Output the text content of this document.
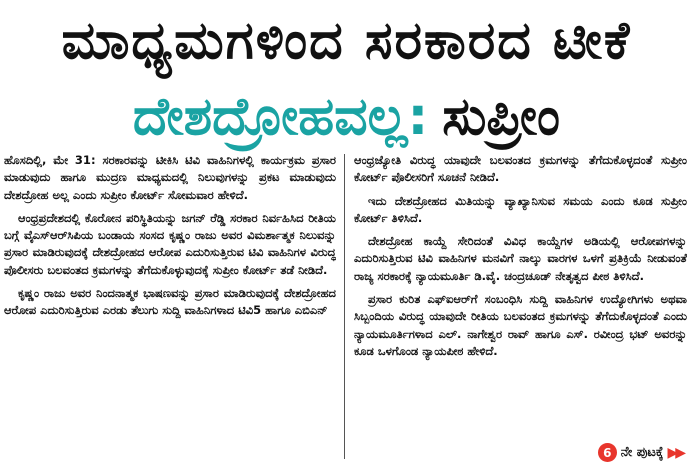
ಮಾಧ್ಯಮಗಳಿಂದ ಸರಕಾರದ ಟೀಕೆ
ದೇಶದ್ರೋಹವಲ್ಲ: ಸುಪ್ರೀಂ

ಹೊಸದಿಲ್ಲಿ, ಮೇ 31: ಸರಕಾರವನ್ನು ಟೀಕಿಸಿ ಟಿವಿ ವಾಹಿನಿಗಳಲ್ಲಿ ಕಾರ್ಯಕ್ರಮ ಪ್ರಸಾರ ಮಾಡುವುದು ಹಾಗೂ ಮುದ್ರಣ ಮಾಧ್ಯಮದಲ್ಲಿ ನಿಲುವುಗಳನ್ನು ಪ್ರಕಟ ಮಾಡುವುದು ದೇಶದ್ರೋಹ ಅಲ್ಲ ಎಂದು ಸುಪ್ರೀಂ ಕೋರ್ಟ್ ಸೋಮವಾರ ಹೇಳಿದೆ.

ಆಂಧ್ರಪ್ರದೇಶದಲ್ಲಿ ಕೊರೋನ ಪರಿಸ್ಥಿತಿಯನ್ನು ಜಗನ್ ರೆಡ್ಡಿ ಸರಕಾರ ನಿರ್ವಹಿಸಿದ ರೀತಿಯ ಬಗ್ಗೆ ವೈಎಸ್‌ಆರ್‌ಸಿಪಿಯ ಬಂಡಾಯ ಸಂಸದ ಕೃಷ್ಣಂ ರಾಜು ಅವರ ವಿಮರ್ಶಾತ್ಮಕ ನಿಲುವನ್ನು ಪ್ರಸಾರ ಮಾಡಿರುವುದಕ್ಕೆ ದೇಶದ್ರೋಹದ ಆರೋಪ ಎದುರಿಸುತ್ತಿರುವ ಟಿವಿ ವಾಹಿನಿಗಳ ವಿರುದ್ಧ ಪೊಲೀಸರು ಬಲವಂತದ ಕ್ರಮಗಳನ್ನು ತೆಗೆದುಕೊಳ್ಳುವುದಕ್ಕೆ ಸುಪ್ರೀಂ ಕೋರ್ಟ್ ತಡೆ ನೀಡಿದೆ.

ಕೃಷ್ಣಂ ರಾಜು ಅವರ ನಿಂದನಾತ್ಮಕ ಭಾಷಣವನ್ನು ಪ್ರಸಾರ ಮಾಡಿರುವುದಕ್ಕೆ ದೇಶದ್ರೋಹದ ಆರೋಪ ಎದುರಿಸುತ್ತಿರುವ ಎರಡು ತೆಲುಗು ಸುದ್ದಿ ವಾಹಿನಿಗಳಾದ ಟಿವಿ5 ಹಾಗೂ ಎಬಿಎನ್

ಆಂಧ್ರಜ್ಯೋತಿ ವಿರುದ್ಧ ಯಾವುದೇ ಬಲವಂತದ ಕ್ರಮಗಳನ್ನು ತೆಗೆದುಕೊಳ್ಳದಂತೆ ಸುಪ್ರೀಂ ಕೋರ್ಟ್ ಪೊಲೀಸರಿಗೆ ಸೂಚನೆ ನೀಡಿದೆ.

ಇದು ದೇಶದ್ರೋಹದ ಮಿತಿಯನ್ನು ವ್ಯಾಖ್ಯಾನಿಸುವ ಸಮಯ ಎಂದು ಕೂಡ ಸುಪ್ರೀಂ ಕೋರ್ಟ್ ತಿಳಿಸಿದೆ.

ದೇಶದ್ರೋಹ ಕಾಯ್ದೆ ಸೇರಿದಂತೆ ವಿವಿಧ ಕಾಯ್ದೆಗಳ ಅಡಿಯಲ್ಲಿ ಆರೋಪಗಳನ್ನು ಎದುರಿಸುತ್ತಿರುವ ಟಿವಿ ವಾಹಿನಿಗಳ ಮನವಿಗೆ ನಾಲ್ಕು ವಾರಗಳ ಒಳಗೆ ಪ್ರತಿಕ್ರಿಯೆ ನೀಡುವಂತೆ ರಾಜ್ಯ ಸರಕಾರಕ್ಕೆ ನ್ಯಾಯಮೂರ್ತಿ ಡಿ.ವೈ. ಚಂದ್ರಚೂಡ್ ನೇತೃತ್ವದ ಪೀಠ ತಿಳಿಸಿದೆ.

ಪ್ರಸಾರ ಕುರಿತ ಎಫ್‌ಐಆರ್‌ಗೆ ಸಂಬಂಧಿಸಿ ಸುದ್ದಿ ವಾಹಿನಿಗಳ ಉದ್ಯೋಗಿಗಳು ಅಥವಾ ಸಿಬ್ಬಂದಿಯ ವಿರುದ್ಧ ಯಾವುದೇ ರೀತಿಯ ಬಲವಂತದ ಕ್ರಮಗಳನ್ನು ತೆಗೆದುಕೊಳ್ಳದಂತೆ ಎಂದು ನ್ಯಾಯಮೂರ್ತಿಗಳಾದ ಎಲ್. ನಾಗೇಶ್ವರ ರಾವ್ ಹಾಗೂ ಎಸ್. ರವೀಂದ್ರ ಭಟ್ ಅವರನ್ನು ಕೂಡ ಒಳಗೊಂಡ ನ್ಯಾಯಪೀಠ ಹೇಳಿದೆ.

6 ನೇ ಪುಟಕ್ಕೆ ▶▶
